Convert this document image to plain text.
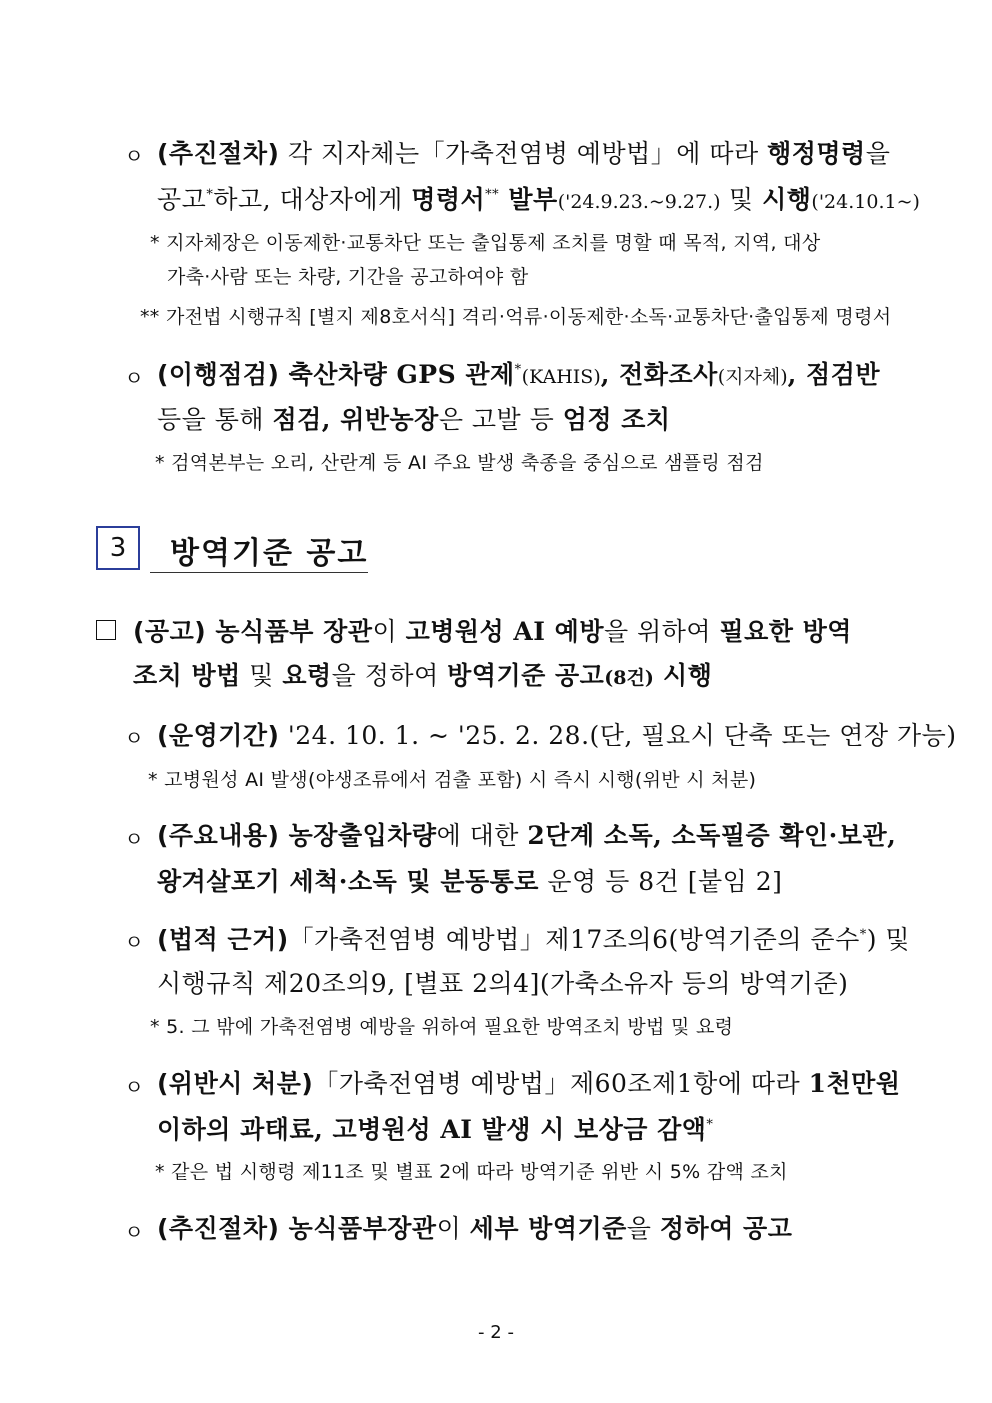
ㅇ (추진절차) 각 지자체는「가축전염병 예방법」에 따라 행정명령을
공고*하고, 대상자에게 명령서** 발부('24.9.23.~9.27.) 및 시행('24.10.1~)
* 지자체장은 이동제한·교통차단 또는 출입통제 조치를 명할 때 목적, 지역, 대상
가축·사람 또는 차량, 기간을 공고하여야 함
** 가전법 시행규칙 [별지 제8호서식] 격리·억류·이동제한·소독·교통차단·출입통제 명령서
ㅇ (이행점검) 축산차량 GPS 관제*(KAHIS), 전화조사(지자체), 점검반
등을 통해 점검, 위반농장은 고발 등 엄정 조치
* 검역본부는 오리, 산란계 등 AI 주요 발생 축종을 중심으로 샘플링 점검
3	방역기준 공고
(공고) 농식품부 장관이 고병원성 AI 예방을 위하여 필요한 방역
조치 방법 및 요령을 정하여 방역기준 공고(8건) 시행
ㅇ (운영기간) '24. 10. 1. ~ '25. 2. 28.(단, 필요시 단축 또는 연장 가능)
* 고병원성 AI 발생(야생조류에서 검출 포함) 시 즉시 시행(위반 시 처분)
ㅇ (주요내용) 농장출입차량에 대한 2단계 소독, 소독필증 확인·보관,
왕겨살포기 세척·소독 및 분동통로 운영 등 8건 [붙임 2]
ㅇ (법적 근거)「가축전염병 예방법」제17조의6(방역기준의 준수*) 및
시행규칙 제20조의9, [별표 2의4](가축소유자 등의 방역기준)
* 5. 그 밖에 가축전염병 예방을 위하여 필요한 방역조치 방법 및 요령
ㅇ (위반시 처분)「가축전염병 예방법」제60조제1항에 따라 1천만원
이하의 과태료, 고병원성 AI 발생 시 보상금 감액*
* 같은 법 시행령 제11조 및 별표 2에 따라 방역기준 위반 시 5% 감액 조치
ㅇ (추진절차) 농식품부장관이 세부 방역기준을 정하여 공고
- 2 -
